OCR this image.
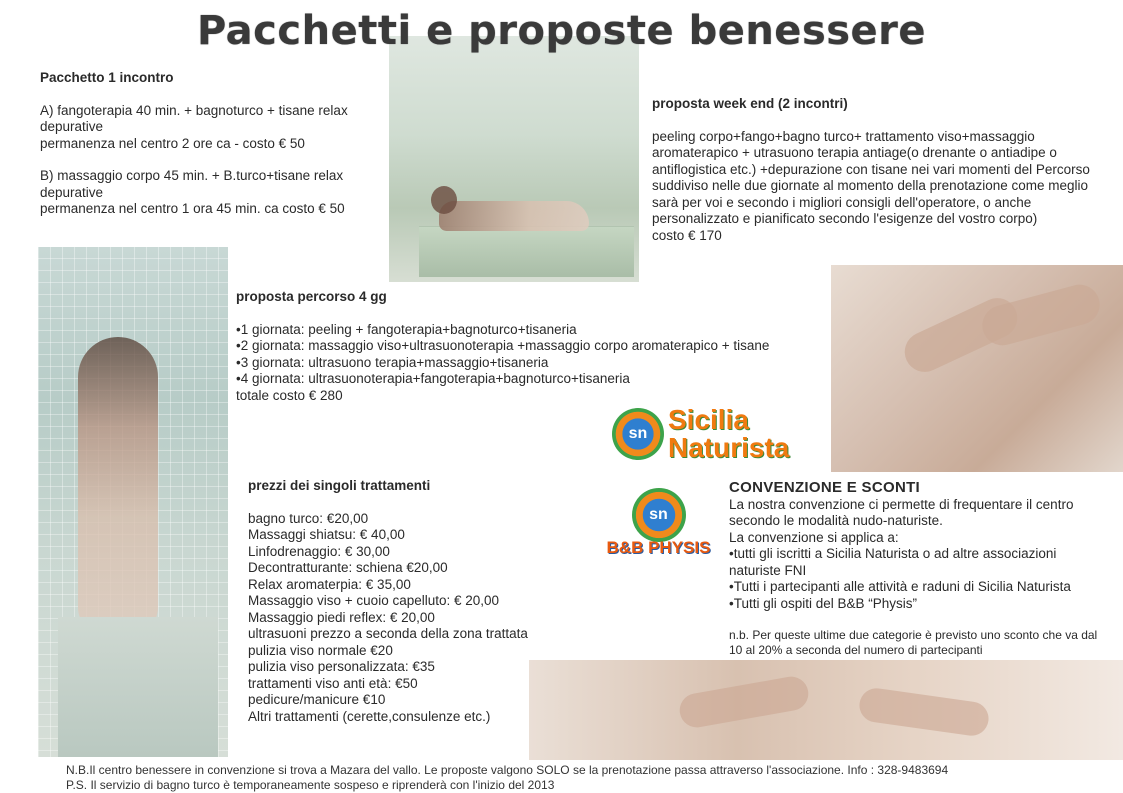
Pacchetti e proposte benessere
Pacchetto 1 incontro

A) fangoterapia 40 min. + bagnoturco + tisane relax depurative

permanenza nel centro 2 ore ca - costo € 50

B) massaggio corpo 45 min. + B.turco+tisane relax depurative

permanenza nel centro 1 ora 45 min. ca costo € 50

proposta week end (2 incontri)

peeling corpo+fango+bagno turco+ trattamento viso+massaggio aromaterapico + utrasuono terapia antiage(o drenante o antiadipe o antiflogistica etc.) +depurazione con tisane nei vari momenti del Percorso suddiviso nelle due giornate al momento della prenotazione come meglio sarà per voi e secondo i migliori consigli dell'operatore, o anche personalizzato e pianificato secondo l'esigenze del vostro corpo)

costo € 170

proposta percorso 4 gg

•1 giornata: peeling + fangoterapia+bagnoturco+tisaneria

•2 giornata: massaggio viso+ultrasuonoterapia +massaggio corpo aromaterapico + tisane

•3 giornata: ultrasuono terapia+massaggio+tisaneria

•4 giornata: ultrasuonoterapia+fangoterapia+bagnoturco+tisaneria

totale costo € 280

sn Sicilia
Naturista
sn
B&B PHYSIS
prezzi dei singoli trattamenti

bagno turco: €20,00

Massaggi shiatsu: € 40,00

Linfodrenaggio: € 30,00

Decontratturante: schiena €20,00

Relax aromaterpia: € 35,00

Massaggio viso + cuoio capelluto: € 20,00

Massaggio piedi reflex: € 20,00

ultrasuoni prezzo a seconda della zona trattata

pulizia viso normale €20

pulizia viso personalizzata: €35

trattamenti viso anti età: €50

pedicure/manicure €10

Altri trattamenti (cerette,consulenze etc.)

CONVENZIONE E SCONTI

La nostra convenzione ci permette di frequentare il centro secondo le modalità nudo-naturiste.

La convenzione si applica a:

•tutti gli iscritti a Sicilia Naturista o ad altre associazioni naturiste FNI

•Tutti i partecipanti alle attività e raduni di Sicilia Naturista

•Tutti gli ospiti del B&B “Physis”

n.b. Per queste ultime due categorie è previsto uno sconto che va dal 10 al 20% a seconda del numero di partecipanti

N.B.Il centro benessere in convenzione si trova a Mazara del vallo. Le proposte valgono SOLO se la prenotazione passa attraverso l'associazione. Info : 328-9483694
P.S. Il servizio di bagno turco è temporaneamente sospeso e riprenderà con l'inizio del 2013
